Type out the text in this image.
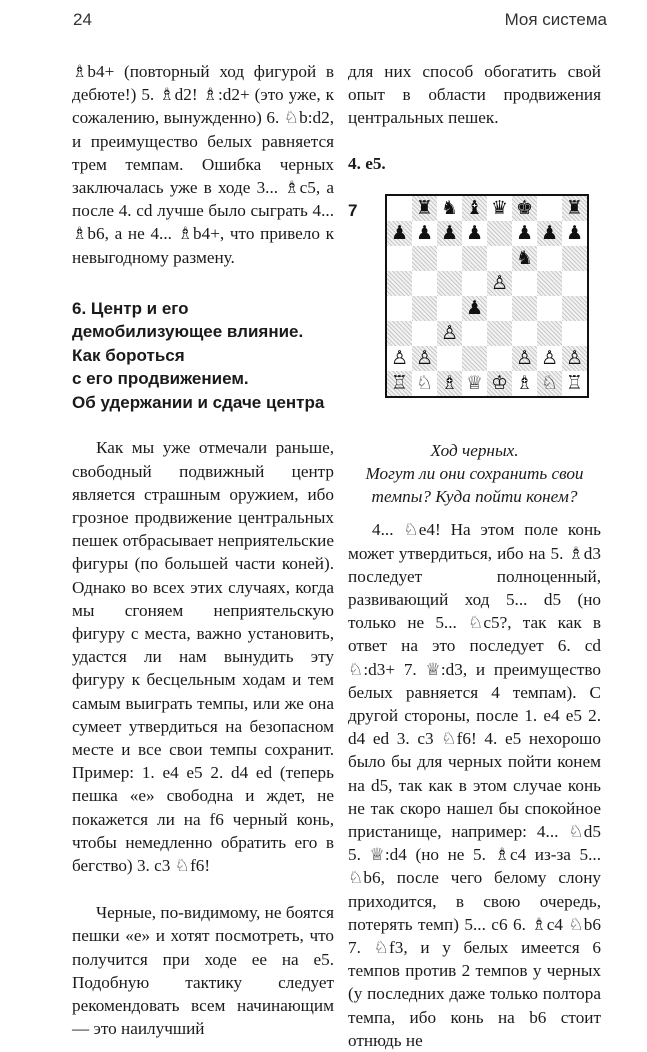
24	Моя система

♗b4+ (повторный ход фигурой в дебюте!) 5. ♗d2! ♗:d2+ (это уже, к сожалению, вынужденно) 6. ♘b:d2, и преимущество белых равняется трем темпам. Ошибка черных заключалась уже в ходе 3... ♗c5, а после 4. cd лучше было сыграть 4... ♗b6, а не 4... ♗b4+, что привело к невыгодному размену.

6. Центр и его
демобилизующее влияние.
Как бороться
с его продвижением.
Об удержании и сдаче центра

Как мы уже отмечали раньше, свободный подвижный центр является страшным оружием, ибо грозное продвижение центральных пешек отбрасывает неприятельские фигуры (по большей части коней). Однако во всех этих случаях, когда мы сгоняем неприятельскую фигуру с места, важно установить, удастся ли нам вынудить эту фигуру к бесцельным ходам и тем самым выиграть темпы, или же она сумеет утвердиться на безопасном месте и все свои темпы сохранит. Пример: 1. e4 e5 2. d4 ed (теперь пешка «e» свободна и ждет, не покажется ли на f6 черный конь, чтобы немедленно обратить его в бегство) 3. c3 ♘f6!

Черные, по-видимому, не боятся пешки «e» и хотят посмотреть, что получится при ходе ее на e5. Подобную тактику следует рекомендовать всем начинающим — это наилучший

для них способ обогатить свой опыт в области продвижения центральных пешек.

4. e5.

7	♜ ♞ ♝ ♛ ♚ ♜
♟ ♟ ♟ ♟ ♟ ♟ ♟
♞
♙
♟
♙
♙ ♙	♙ ♙ ♙
♖ ♘ ♗ ♕ ♔ ♗ ♘ ♖
Ход черных.
Могут ли они сохранить свои
темпы? Куда пойти конем?

4... ♘e4! На этом поле конь может утвердиться, ибо на 5. ♗d3 последует полноценный, развивающий ход 5... d5 (но только не 5... ♘c5?, так как в ответ на это последует 6. cd ♘:d3+ 7. ♕:d3, и преимущество белых равняется 4 темпам). С другой стороны, после 1. e4 e5 2. d4 ed 3. c3 ♘f6! 4. e5 нехорошо было бы для черных пойти конем на d5, так как в этом случае конь не так скоро нашел бы спокойное пристанище, например: 4... ♘d5 5. ♕:d4 (но не 5. ♗c4 из-за 5... ♘b6, после чего белому слону приходится, в свою очередь, потерять темп) 5... c6 6. ♗c4 ♘b6 7. ♘f3, и у белых имеется 6 темпов против 2 темпов у черных (у последних даже только полтора темпа, ибо конь на b6 стоит отнюдь не
